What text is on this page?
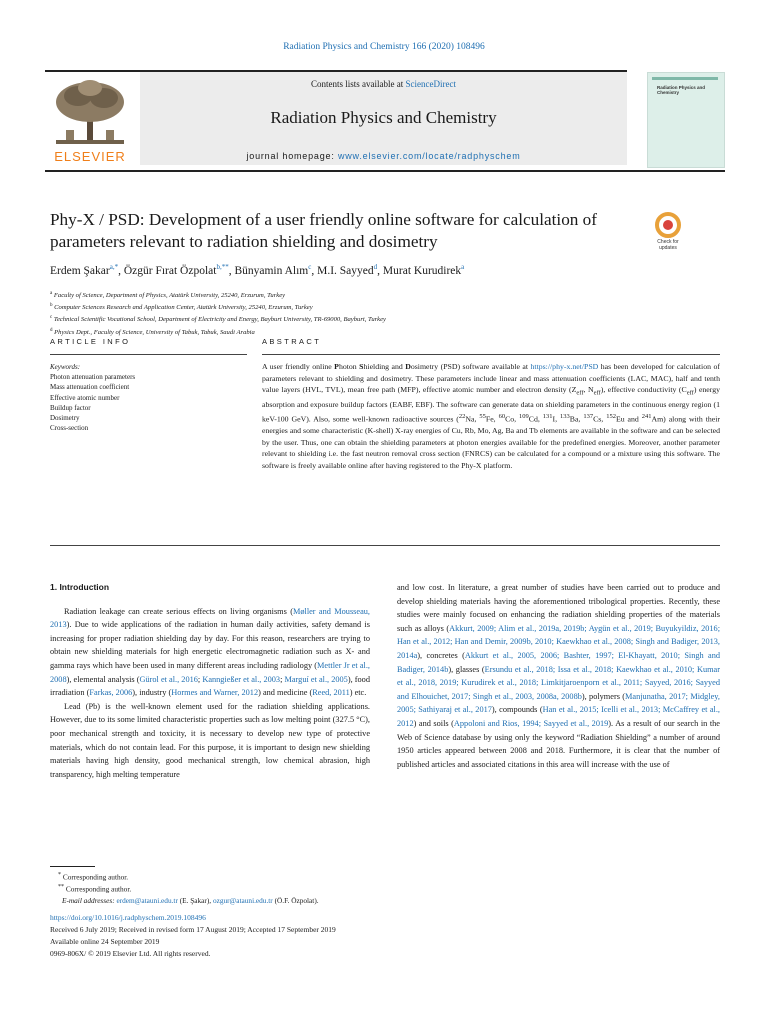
Radiation Physics and Chemistry 166 (2020) 108496
ELSEVIER
Contents lists available at ScienceDirect
Radiation Physics and Chemistry
journal homepage: www.elsevier.com/locate/radphyschem
Radiation Physics and Chemistry
Phy-X / PSD: Development of a user friendly online software for calculation of parameters relevant to radiation shielding and dosimetry	Check for updates
Erdem Şakar$^{a,*}$, Özgür Fırat Özpolat$^{b,**}$, Bünyamin Alım$^c$, M.I. Sayyed$^d$, Murat Kurudirek$^a$
$^a$ Faculty of Science, Department of Physics, Atatürk University, 25240, Erzurum, Turkey
$^b$ Computer Sciences Research and Application Center, Atatürk University, 25240, Erzurum, Turkey
$^c$ Technical Scientific Vocational School, Department of Electricity and Energy, Bayburt University, TR-69000, Bayburt, Turkey
$^d$ Physics Dept., Faculty of Science, University of Tabuk, Tabuk, Saudi Arabia
ARTICLE INFO	ABSTRACT
Keywords:
Photon attenuation parameters
Mass attenuation coefficient
Effective atomic number
Buildup factor
Dosimetry
Cross-section
A user friendly online Photon Shielding and Dosimetry (PSD) software available at https://phy-x.net/PSD has been developed for calculation of parameters relevant to shielding and dosimetry. These parameters include linear and mass attenuation coefficients (LAC, MAC), half and tenth value layers (HVL, TVL), mean free path (MFP), effective atomic number and electron density ($Z_{eff}$, $N_{eff}$), effective conductivity $(C_{eff})$ energy absorption and exposure buildup factors (EABF, EBF). The software can generate data on shielding parameters in the continuous energy region (1 keV-100 GeV). Also, some well-known radioactive sources ($^{22}$Na, $^{55}$Fe, $^{60}$Co, $^{109}$Cd, $^{131}$I, $^{133}$Ba, $^{137}$Cs, $^{152}$Eu and $^{241}$Am) along with their energies and some characteristic (K-shell) X-ray energies of Cu, Rb, Mo, Ag, Ba and Tb elements are available in the software and can be selected by the user. Thus, one can obtain the shielding parameters at photon energies available for the predefined energies. Moreover, another parameter relevant to shielding i.e. the fast neutron removal cross section (FNRCS) can be calculated for a compound or a mixture using this software. The software is freely available online after having registered to the Phy-X platform.
1. Introduction

Radiation leakage can create serious effects on living organisms (Møller and Mousseau, 2013). Due to wide applications of the radiation in human daily activities, safety demand is increasing for proper radiation shielding day by day. For this reason, researchers are trying to obtain new shielding materials for high energetic electromagnetic radiation such as X- and gamma rays which have been used in many different areas including radiology (Mettler Jr et al., 2008), elemental analysis (Gürol et al., 2016; Kanngießer et al., 2003; Marguí et al., 2005), food irradiation (Farkas, 2006), industry (Hormes and Warner, 2012) and medicine (Reed, 2011) etc.

Lead (Pb) is the well-known element used for the radiation shielding applications. However, due to its some limited characteristic properties such as low melting point (327.5 °C), poor mechanical strength and toxicity, it is necessary to develop new type of protective materials, which do not contain lead. For this purpose, it is important to design new shielding materials having high density, good mechanical strength, low chemical abrasion, high transparency, high melting temperature

and low cost. In literature, a great number of studies have been carried out to produce and develop shielding materials having the aforementioned tribological properties. Recently, these studies were mainly focused on enhancing the radiation shielding properties of the materials such as alloys (Akkurt, 2009; Alim et al., 2019a, 2019b; Aygün et al., 2019; Buyukyildiz, 2016; Han et al., 2012; Han and Demir, 2009b, 2010; Kaewkhao et al., 2008; Singh and Badiger, 2013, 2014a), concretes (Akkurt et al., 2005, 2006; Bashter, 1997; El-Khayatt, 2010; Singh and Badiger, 2014b), glasses (Ersundu et al., 2018; Issa et al., 2018; Kaewkhao et al., 2010; Kumar et al., 2018, 2019; Kurudirek et al., 2018; Limkitjaroenporn et al., 2011; Sayyed, 2016; Sayyed and Elhouichet, 2017; Singh et al., 2003, 2008a, 2008b), polymers (Manjunatha, 2017; Midgley, 2005; Sathiyaraj et al., 2017), compounds (Han et al., 2015; Icelli et al., 2013; McCaffrey et al., 2012) and soils (Appoloni and Rios, 1994; Sayyed et al., 2019). As a result of our search in the Web of Science database by using only the keyword “Radiation Shielding” a number of around 1950 articles appeared between 2008 and 2018. Furthermore, it is clear that the number of published articles and associated citations in this area will increase with the use of

* Corresponding author.
** Corresponding author.
E-mail addresses: erdem@atauni.edu.tr (E. Şakar), ozgur@atauni.edu.tr (Ö.F. Özpolat).
https://doi.org/10.1016/j.radphyschem.2019.108496
Received 6 July 2019; Received in revised form 17 August 2019; Accepted 17 September 2019
Available online 24 September 2019
0969-806X/ © 2019 Elsevier Ltd. All rights reserved.
